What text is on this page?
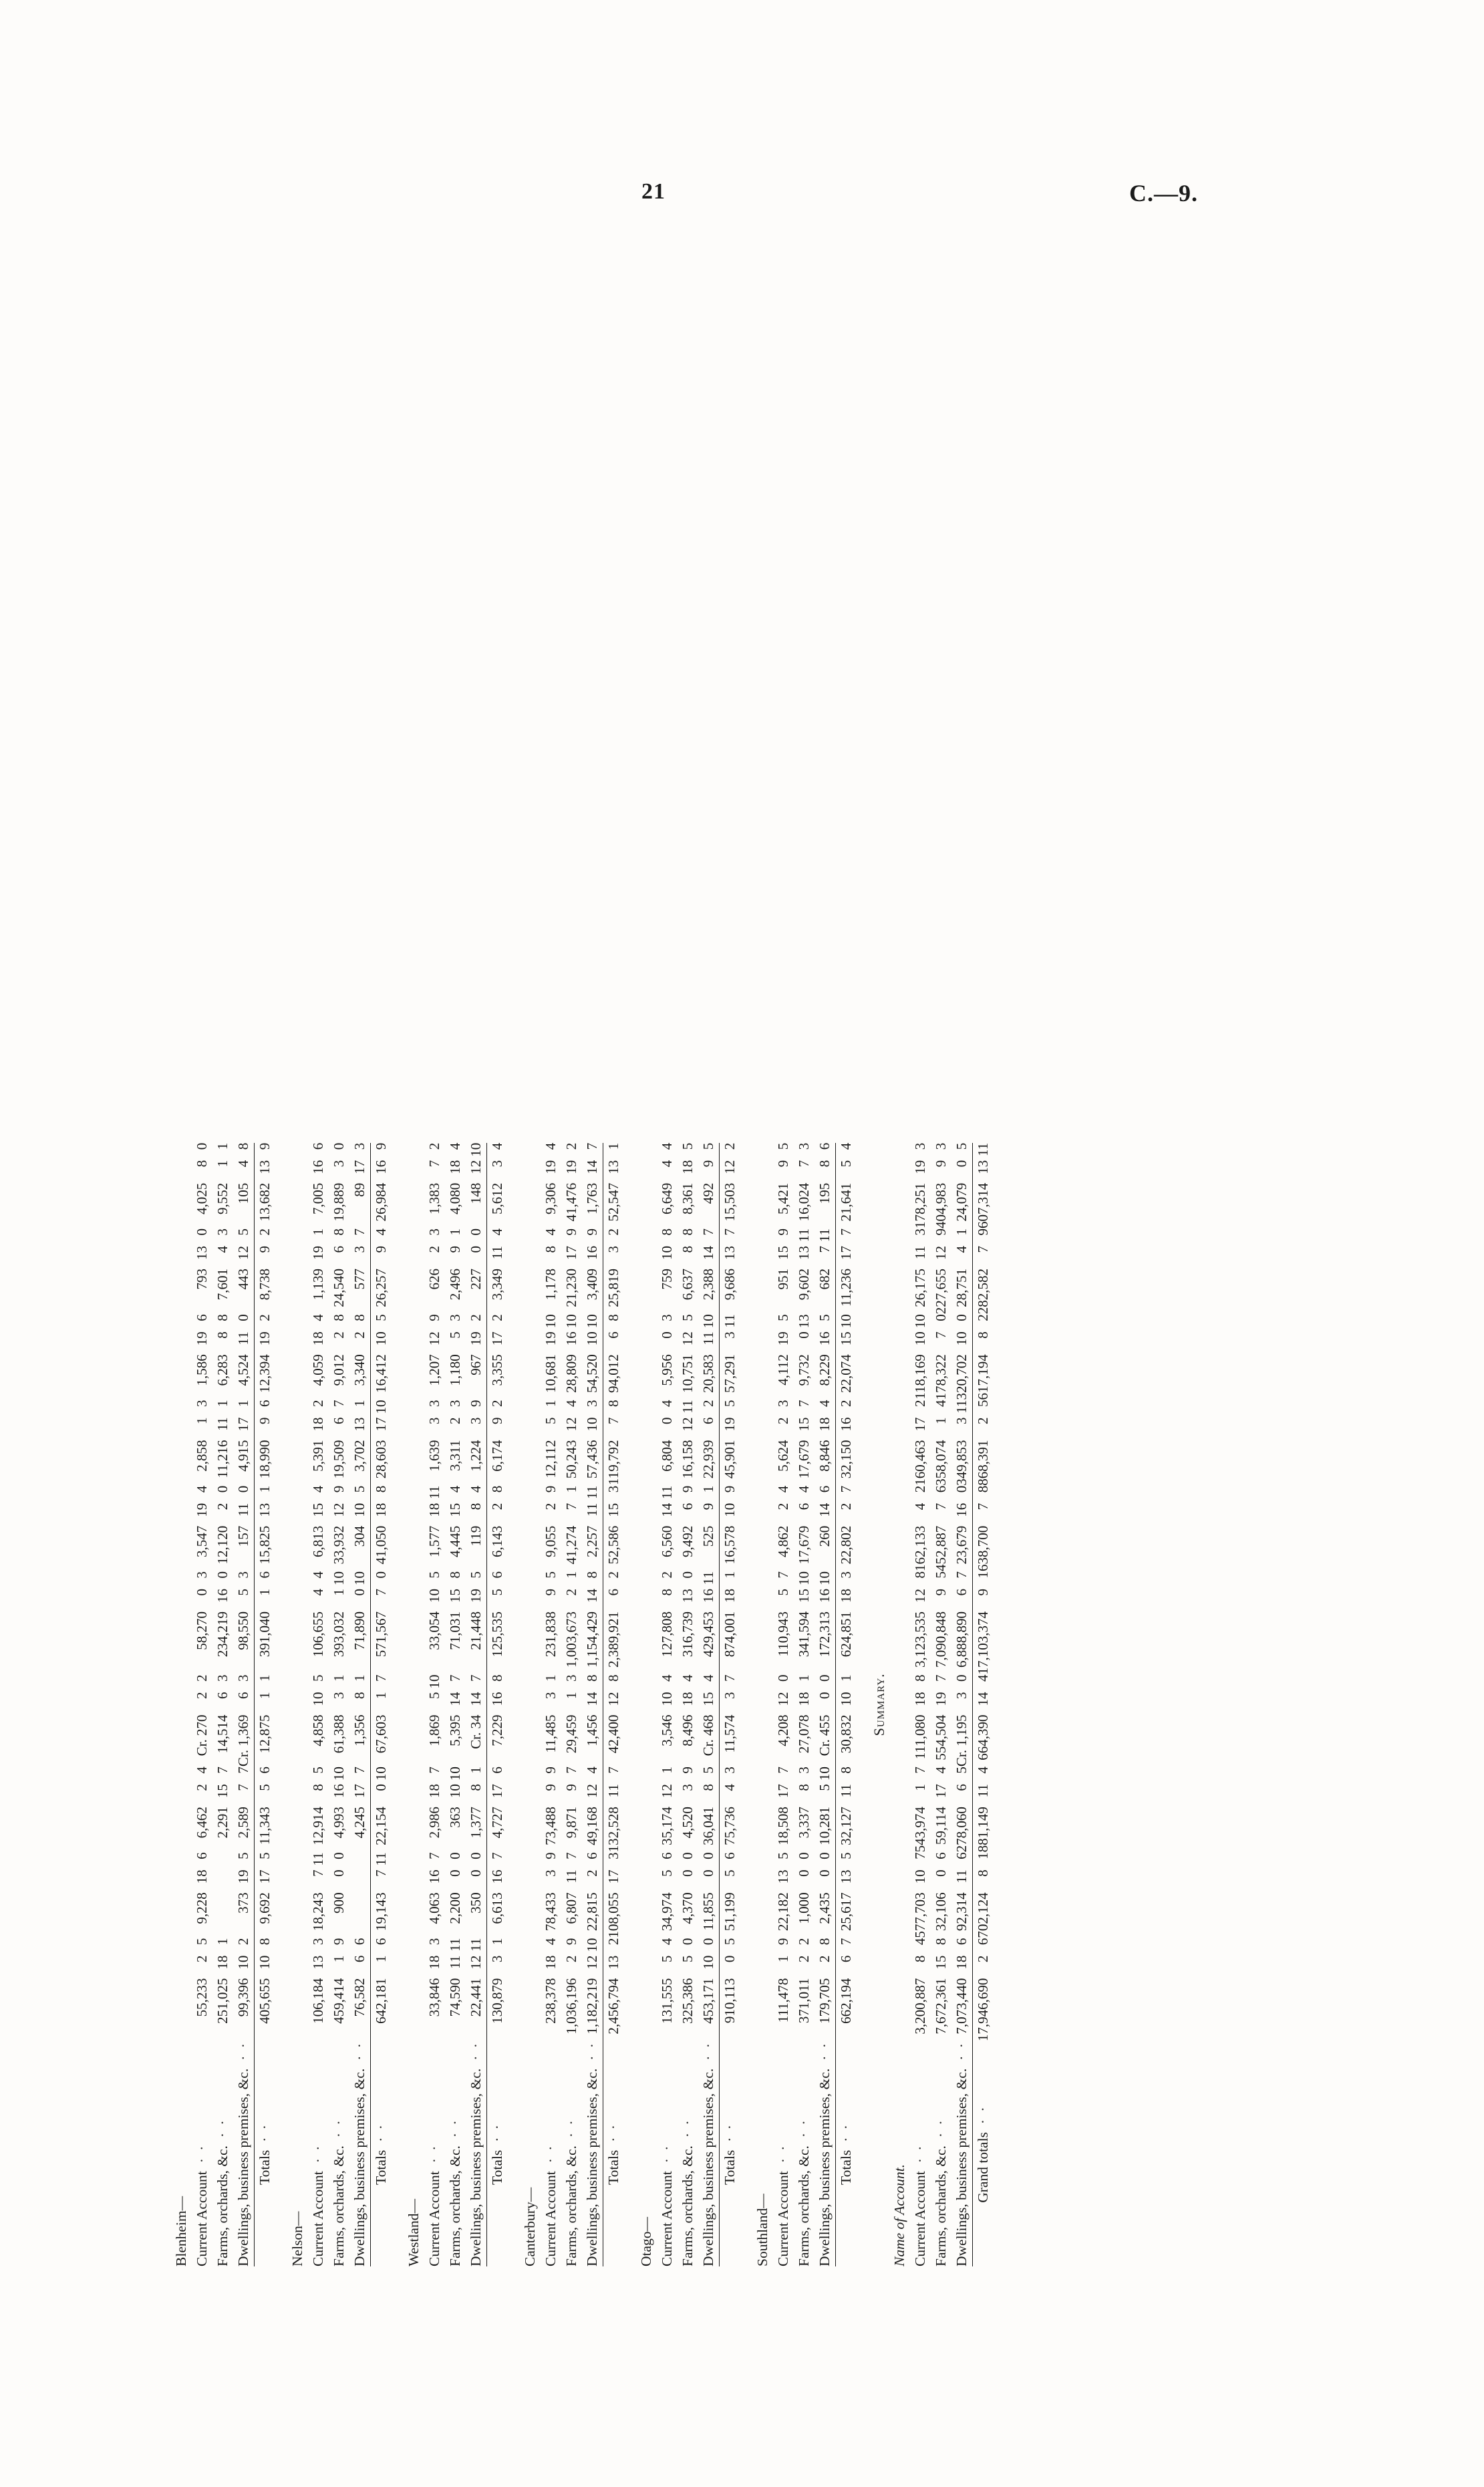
21	C.—9.
Blenheim—																														
Current Account· ·	55,233	2	5	9,228	18	6	6,462	2	4	Cr. 270	2	2	58,270	0	3	3,547	19	4	2,858	1	3	1,586	19	6	793	13	0	4,025	8	0
Farms, orchards, &c.· ·	251,025	18	1				2,291	15	7	14,514	6	3	234,219	16	0	12,120	2	0	11,216	11	1	6,283	8	8	7,601	4	3	9,552	1	1
Dwellings, business premises, &c.· ·	99,396	10	2	373	19	5	2,589	7	7	Cr. 1,369	6	3	98,550	5	3	157	11	0	4,915	17	1	4,524	11	0	443	12	5	105	4	8
Totals· ·	405,655	10	8	9,692	17	5	11,343	5	6	12,875	1	1	391,040	1	6	15,825	13	1	18,990	9	6	12,394	19	2	8,738	9	2	13,682	13	9

Nelson—																														
Current Account· ·	106,184	13	3	18,243	7	11	12,914	8	5	4,858	10	5	106,655	4	4	6,813	15	4	5,391	18	2	4,059	18	4	1,139	19	1	7,005	16	6
Farms, orchards, &c.· ·	459,414	1	9	900	0	0	4,993	16	10	61,388	3	1	393,032	1	10	33,932	12	9	19,509	6	7	9,012	2	8	24,540	6	8	19,889	3	0
Dwellings, business premises, &c.· ·	76,582	6	6				4,245	17	7	1,356	8	1	71,890	0	10	304	10	5	3,702	13	1	3,340	2	8	577	3	7	89	17	3
Totals· ·	642,181	1	6	19,143	7	11	22,154	0	10	67,603	1	7	571,567	7	0	41,050	18	8	28,603	17	10	16,412	10	5	26,257	9	4	26,984	16	9

Westland—																														
Current Account· ·	33,846	18	3	4,063	16	7	2,986	18	7	1,869	5	10	33,054	10	5	1,577	18	11	1,639	3	3	1,207	12	9	626	2	3	1,383	7	2
Farms, orchards, &c.· ·	74,590	11	11	2,200	0	0	363	10	10	5,395	14	7	71,031	15	8	4,445	15	4	3,311	2	3	1,180	5	3	2,496	9	1	4,080	18	4
Dwellings, business premises, &c.· ·	22,441	12	11	350	0	0	1,377	8	1	Cr. 34	14	7	21,448	19	5	119	8	4	1,224	3	9	967	19	2	227	0	0	148	12	10
Totals· ·	130,879	3	1	6,613	16	7	4,727	17	6	7,229	16	8	125,535	5	6	6,143	2	8	6,174	9	2	3,355	17	2	3,349	11	4	5,612	3	4

Canterbury—																														
Current Account· ·	238,378	18	4	78,433	3	9	73,488	9	9	11,485	3	1	231,838	9	5	9,055	2	9	12,112	5	1	10,681	19	10	1,178	8	4	9,306	19	4
Farms, orchards, &c.· ·	1,036,196	2	9	6,807	11	7	9,871	9	7	29,459	1	3	1,003,673	2	1	41,274	7	1	50,243	12	4	28,809	16	10	21,230	17	9	41,476	19	2
Dwellings, business premises, &c.· ·	1,182,219	12	10	22,815	2	6	49,168	12	4	1,456	14	8	1,154,429	14	8	2,257	11	11	57,436	10	3	54,520	10	10	3,409	16	9	1,763	14	7
Totals· ·	2,456,794	13	2	108,055	17	3	132,528	11	7	42,400	12	8	2,389,921	6	2	52,586	15	3	119,792	7	8	94,012	6	8	25,819	3	2	52,547	13	1

Otago—																														
Current Account· ·	131,555	5	4	34,974	5	6	35,174	12	1	3,546	10	4	127,808	8	2	6,560	14	11	6,804	0	4	5,956	0	3	759	10	8	6,649	4	4
Farms, orchards, &c.· ·	325,386	5	0	4,370	0	0	4,520	3	9	8,496	18	4	316,739	13	0	9,492	6	9	16,158	12	11	10,751	12	5	6,637	8	8	8,361	18	5
Dwellings, business premises, &c.· ·	453,171	10	0	11,855	0	0	36,041	8	5	Cr. 468	15	4	429,453	16	11	525	9	1	22,939	6	2	20,583	11	10	2,388	14	7	492	9	5
Totals· ·	910,113	0	5	51,199	5	6	75,736	4	3	11,574	3	7	874,001	18	1	16,578	10	9	45,901	19	5	57,291	3	11	9,686	13	7	15,503	12	2

Southland—																														
Current Account· ·	111,478	1	9	22,182	13	5	18,508	17	7	4,208	12	0	110,943	5	7	4,862	2	4	5,624	2	3	4,112	19	5	951	15	9	5,421	9	5
Farms, orchards, &c.· ·	371,011	2	2	1,000	0	0	3,337	8	3	27,078	18	1	341,594	15	10	17,679	6	4	17,679	15	7	9,732	0	13	9,602	13	11	16,024	7	3
Dwellings, business premises, &c.· ·	179,705	2	8	2,435	0	0	10,281	5	10	Cr. 455	0	0	172,313	16	10	260	14	6	8,846	18	4	8,229	16	5	682	7	11	195	8	6
Totals· ·	662,194	6	7	25,617	13	5	32,127	11	8	30,832	10	1	624,851	18	3	22,802	2	7	32,150	16	2	22,074	15	10	11,236	17	7	21,641	5	4

Summary.																														
Name of Account.																														
Current Account· ·	3,200,887	8	4	577,703	10	7	543,974	1	7	111,080	18	8	3,123,535	12	8	162,133	4	2	160,463	17	2	118,169	10	10	26,175	11	3	178,251	19	3
Farms, orchards, &c.· ·	7,672,361	15	8	32,106	0	6	59,114	17	4	554,504	19	7	7,090,848	9	5	452,887	7	6	358,074	1	4	178,322	7	0	227,655	12	9	404,983	9	3
Dwellings, business premises, &c.· ·	7,073,440	18	6	92,314	11	6	278,060	6	5	Cr. 1,195	3	0	6,888,890	6	7	23,679	16	0	349,853	3	11	320,702	10	0	28,751	4	1	24,079	0	5
Grand totals· ·	17,946,690	2	6	702,124	8	1	881,149	11	4	664,390	14	4	17,103,374	9	1	638,700	7	8	868,391	2	5	617,194	8	2	282,582	7	9	607,314	13	11
